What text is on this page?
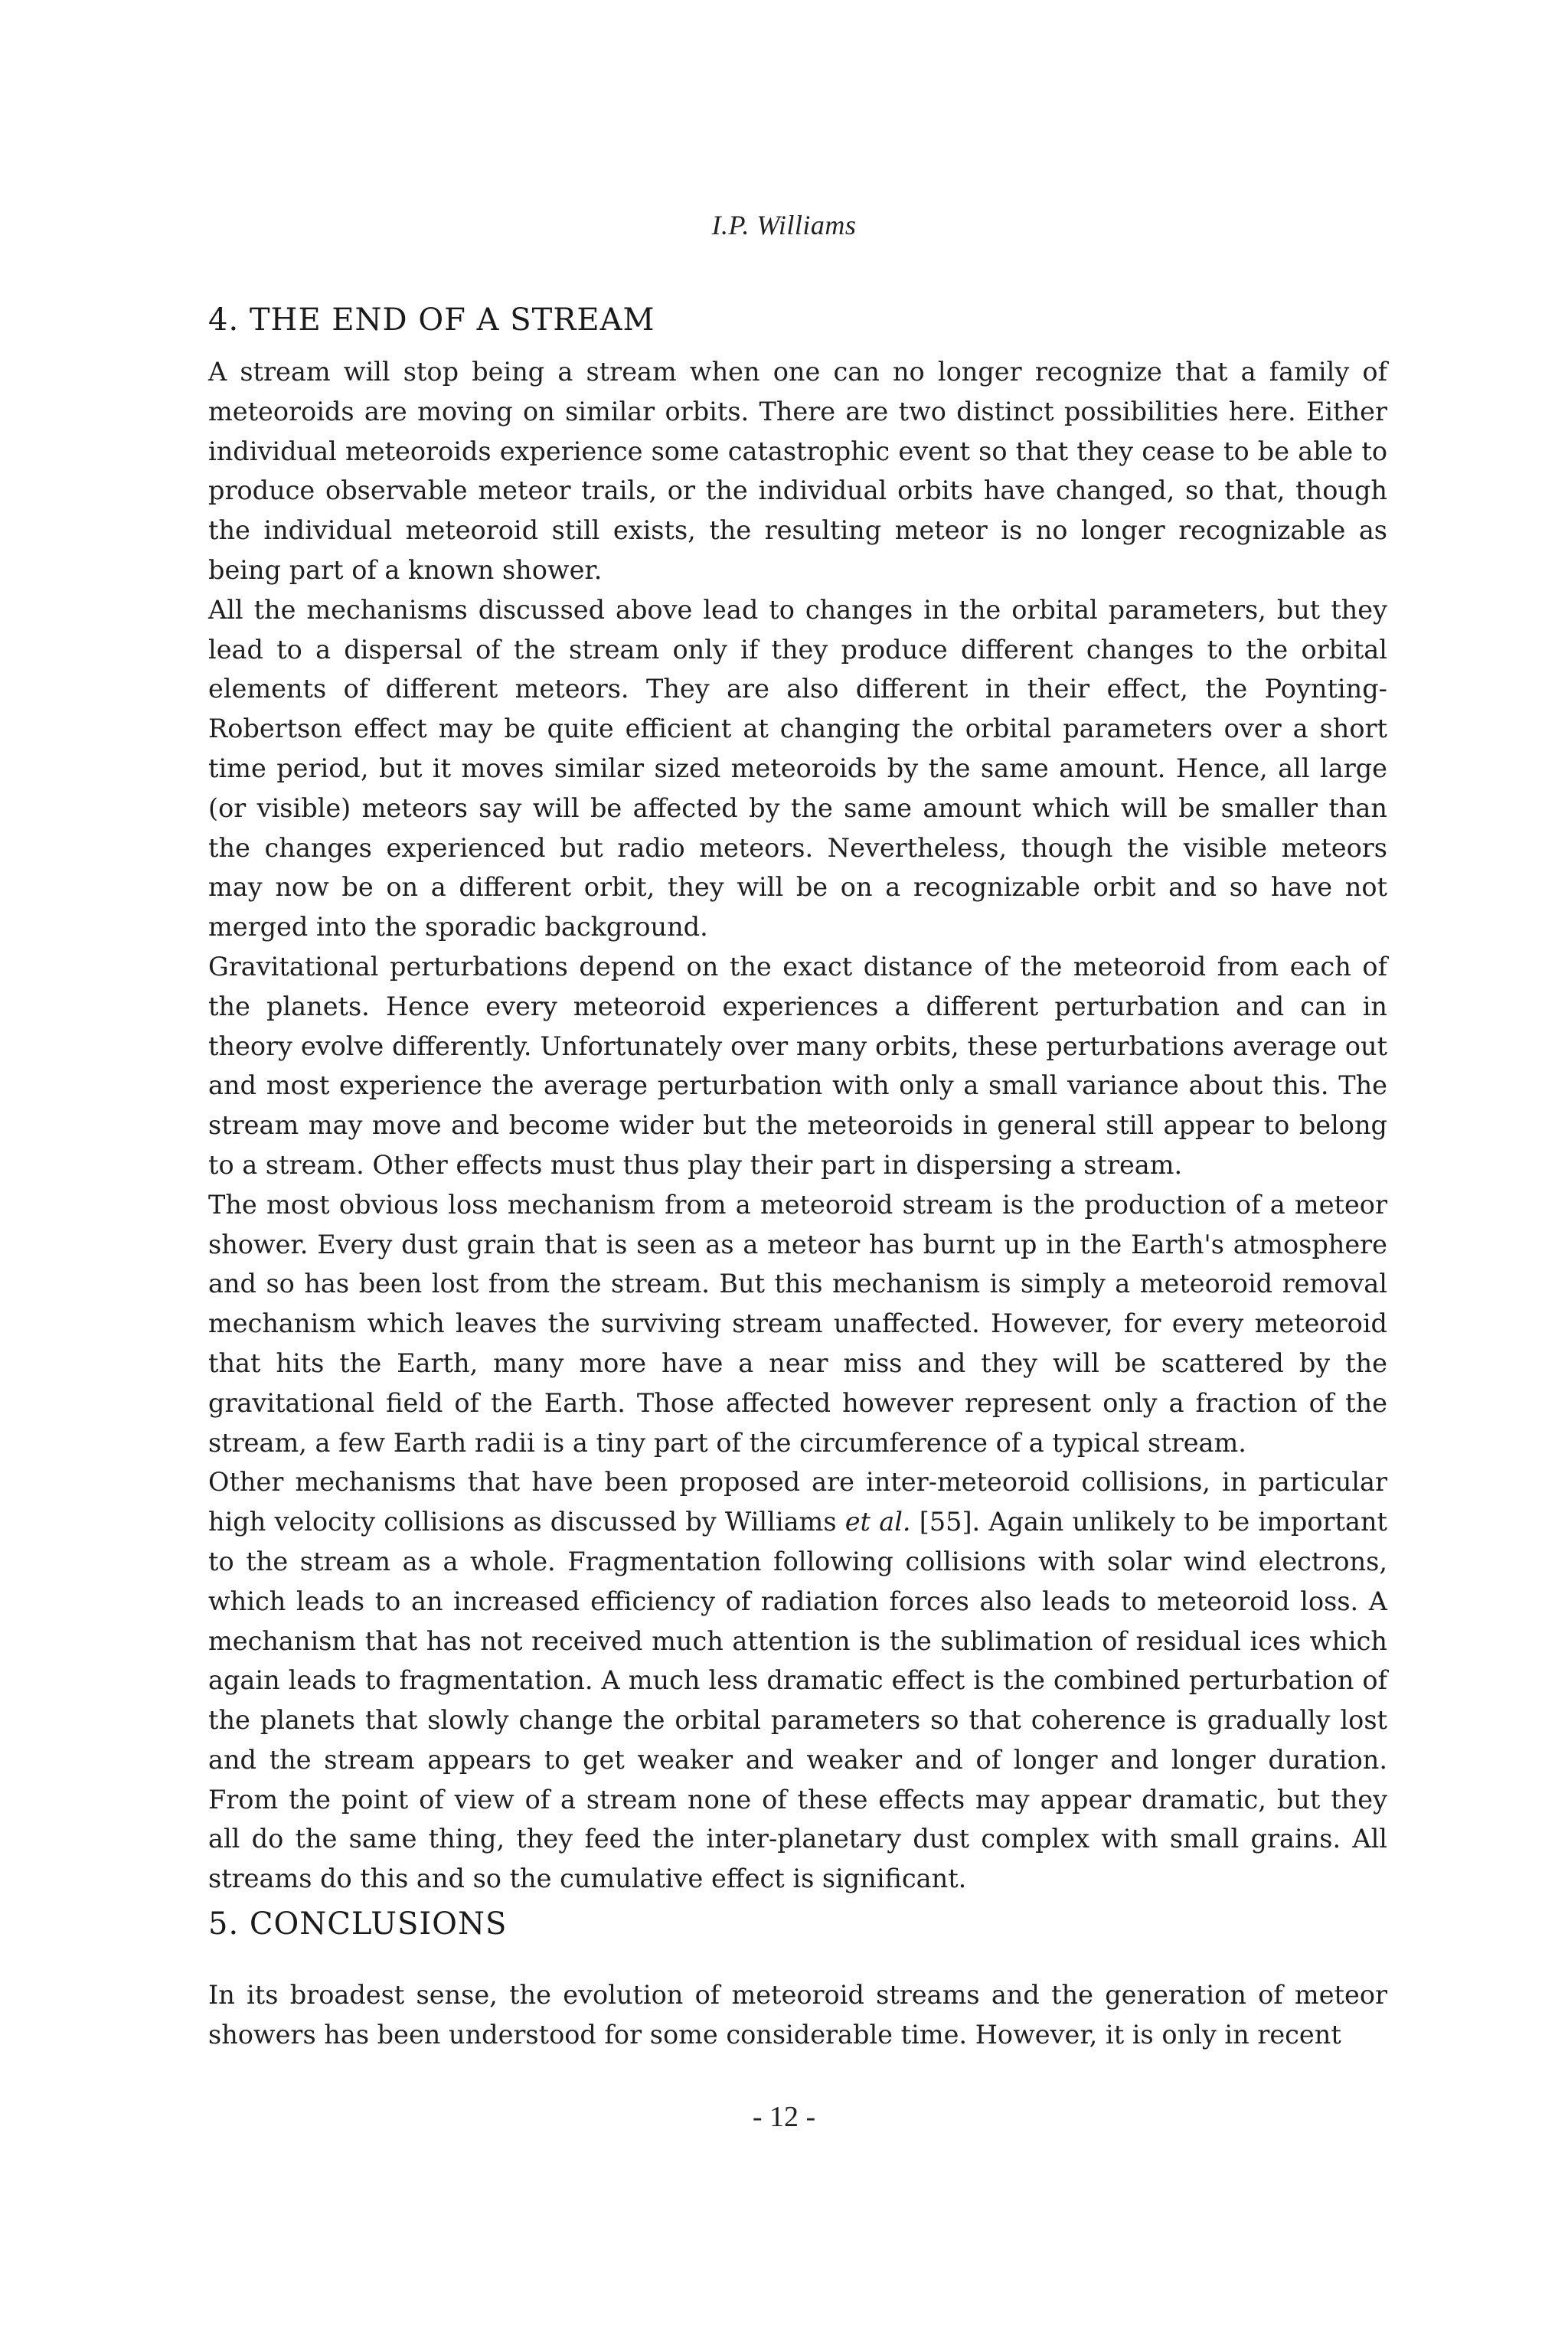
I.P. Williams
4. THE END OF A STREAM

A stream will stop being a stream when one can no longer recognize that a family of meteoroids are moving on similar orbits. There are two distinct possibilities here. Either individual meteoroids experience some catastrophic event so that they cease to be able to produce observable meteor trails, or the individual orbits have changed, so that, though the individual meteoroid still exists, the resulting meteor is no longer recognizable as being part of a known shower.

All the mechanisms discussed above lead to changes in the orbital parameters, but they lead to a dispersal of the stream only if they produce different changes to the orbital elements of different meteors. They are also different in their effect, the Poynting-Robertson effect may be quite efficient at changing the orbital parameters over a short time period, but it moves similar sized meteoroids by the same amount. Hence, all large (or visible) meteors say will be affected by the same amount which will be smaller than the changes experienced but radio meteors. Nevertheless, though the visible meteors may now be on a different orbit, they will be on a recognizable orbit and so have not merged into the sporadic background.

Gravitational perturbations depend on the exact distance of the meteoroid from each of the planets. Hence every meteoroid experiences a different perturbation and can in theory evolve differently. Unfortunately over many orbits, these perturbations average out and most experience the average perturbation with only a small variance about this. The stream may move and become wider but the meteoroids in general still appear to belong to a stream. Other effects must thus play their part in dispersing a stream.

The most obvious loss mechanism from a meteoroid stream is the production of a meteor shower. Every dust grain that is seen as a meteor has burnt up in the Earth's atmosphere and so has been lost from the stream. But this mechanism is simply a meteoroid removal mechanism which leaves the surviving stream unaffected. However, for every meteoroid that hits the Earth, many more have a near miss and they will be scattered by the gravitational field of the Earth. Those affected however represent only a fraction of the stream, a few Earth radii is a tiny part of the circumference of a typical stream.

Other mechanisms that have been proposed are inter-meteoroid collisions, in particular high velocity collisions as discussed by Williams et al. [55]. Again unlikely to be important to the stream as a whole. Fragmentation following collisions with solar wind electrons, which leads to an increased efficiency of radiation forces also leads to meteoroid loss. A mechanism that has not received much attention is the sublimation of residual ices which again leads to fragmentation. A much less dramatic effect is the combined perturbation of the planets that slowly change the orbital parameters so that coherence is gradually lost and the stream appears to get weaker and weaker and of longer and longer duration. From the point of view of a stream none of these effects may appear dramatic, but they all do the same thing, they feed the inter-planetary dust complex with small grains. All streams do this and so the cumulative effect is significant.

5. CONCLUSIONS

In its broadest sense, the evolution of meteoroid streams and the generation of meteor showers has been understood for some considerable time. However, it is only in recent

- 12 -
